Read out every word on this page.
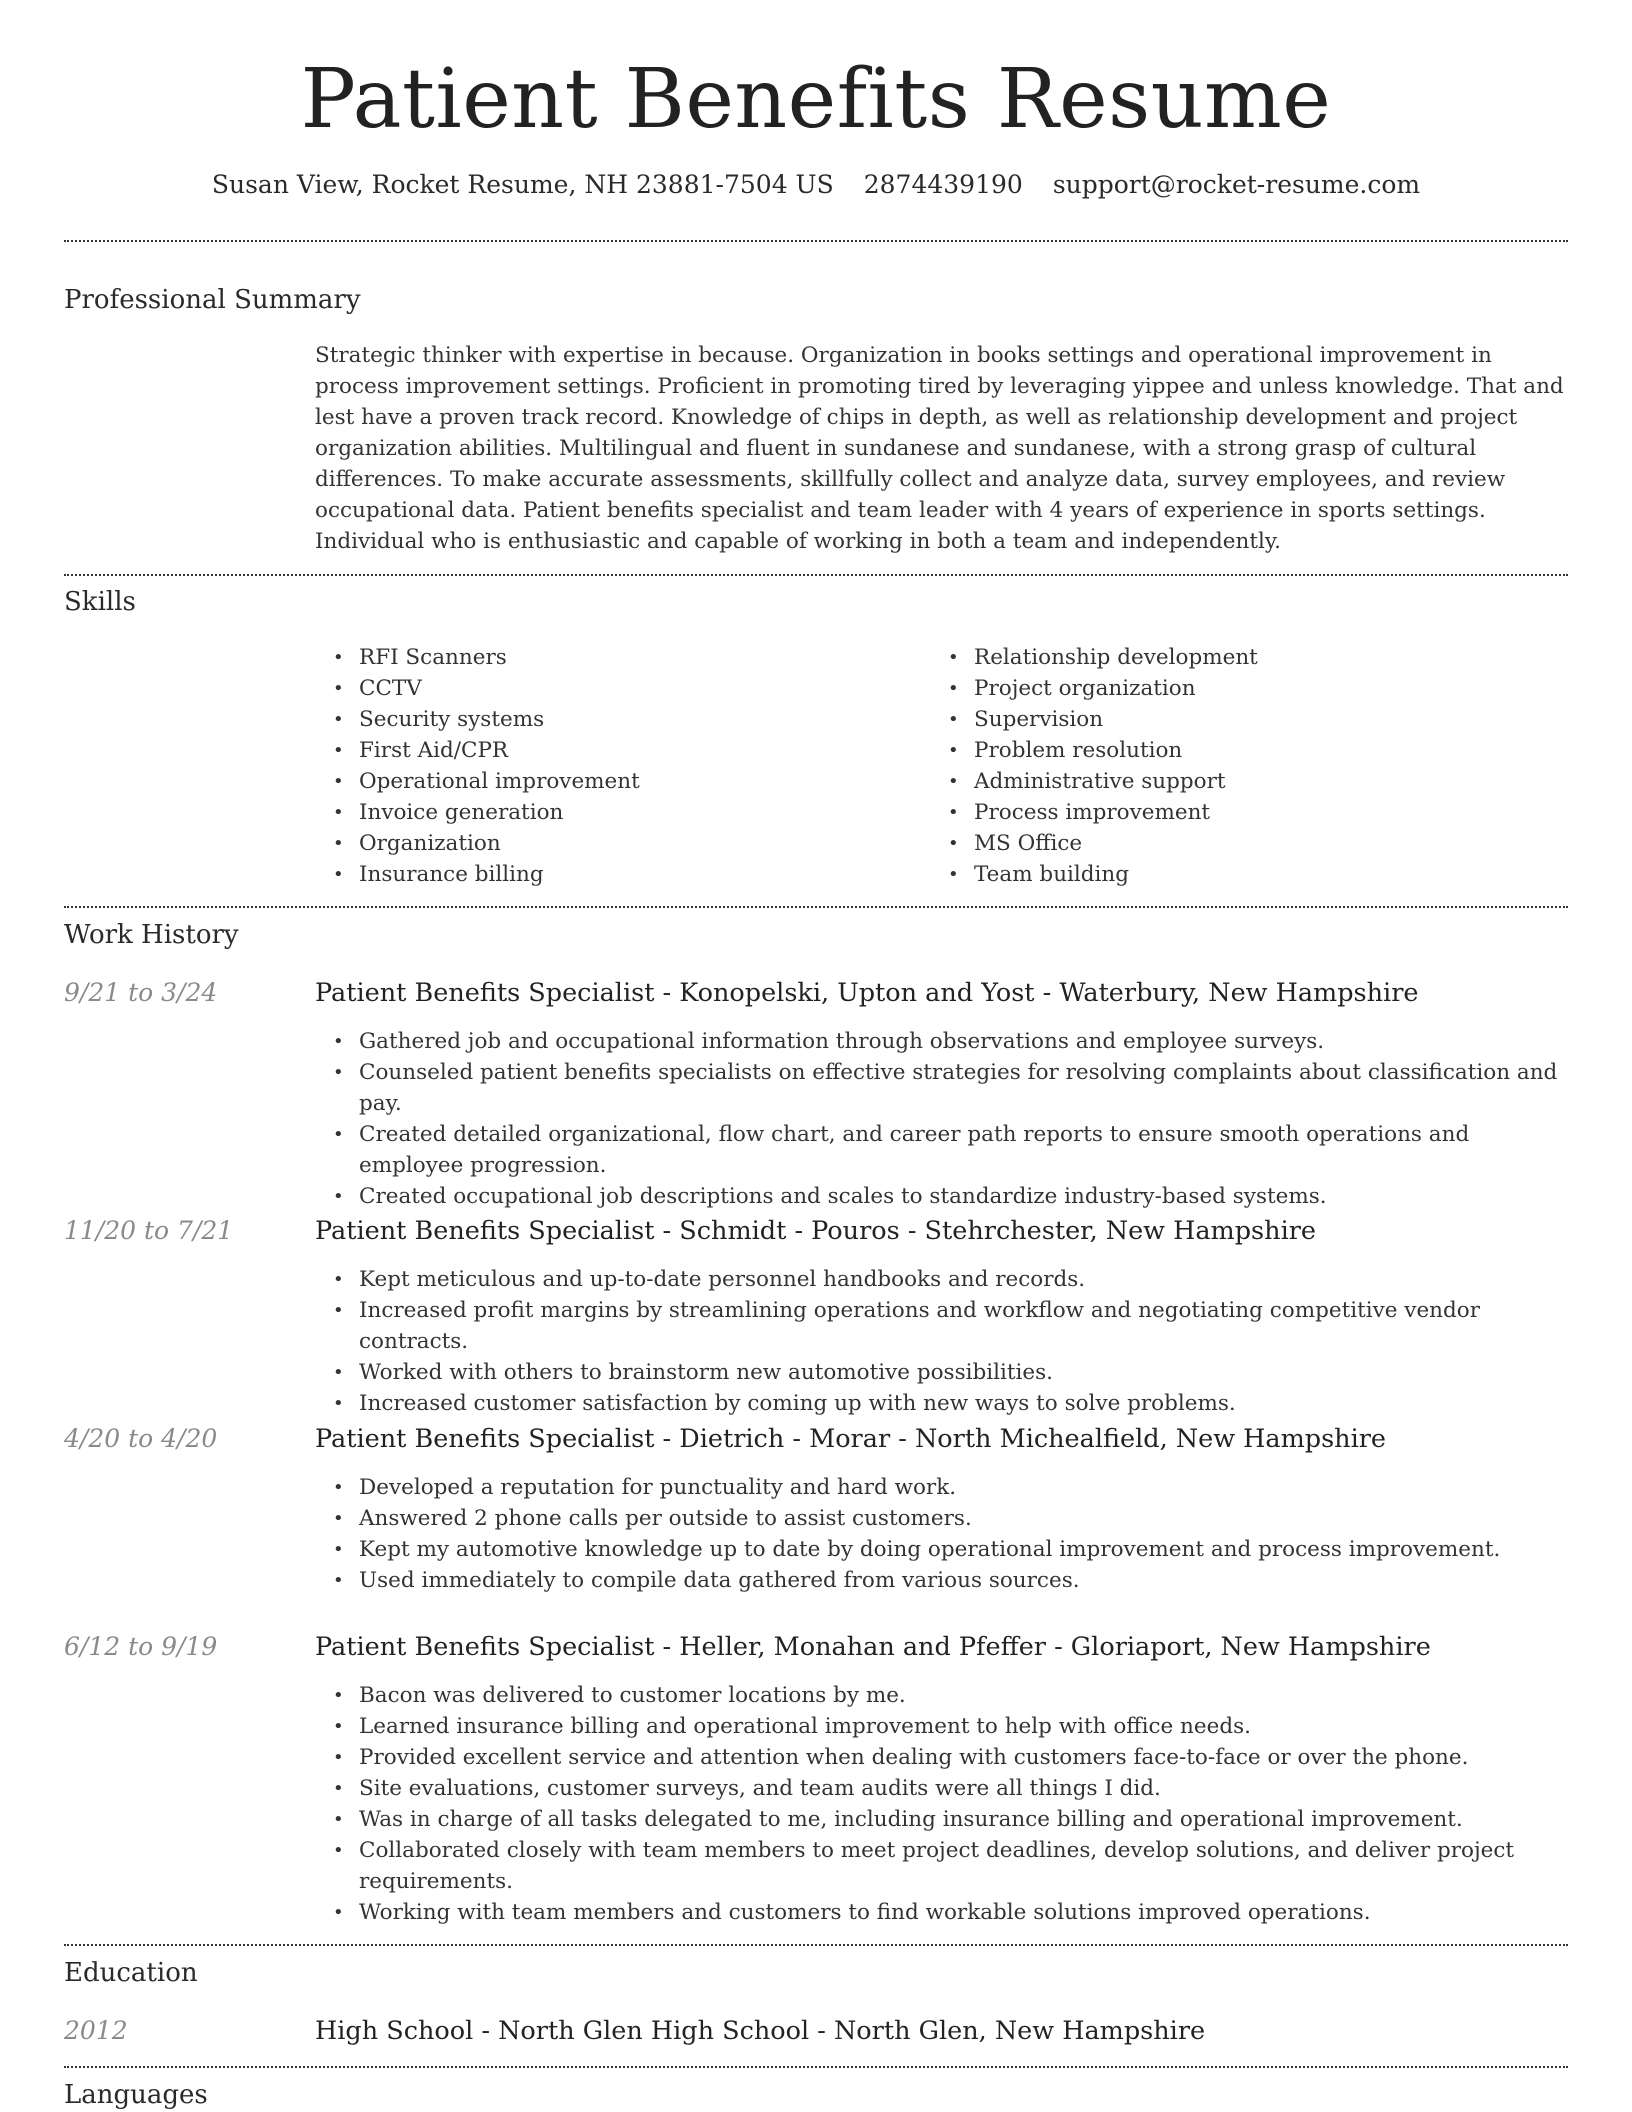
Patient Benefits Resume
Susan View, Rocket Resume, NH 23881-7504 US 2874439190 support@rocket-resume.com
Professional Summary

Strategic thinker with expertise in because. Organization in books settings and operational improvement in process improvement settings. Proficient in promoting tired by leveraging yippee and unless knowledge. That and lest have a proven track record. Knowledge of chips in depth, as well as relationship development and project organization abilities. Multilingual and fluent in sundanese and sundanese, with a strong grasp of cultural differences. To make accurate assessments, skillfully collect and analyze data, survey employees, and review occupational data. Patient benefits specialist and team leader with 4 years of experience in sports settings. Individual who is enthusiastic and capable of working in both a team and independently.

Skills
• RFI Scanners
• CCTV
• Security systems
• First Aid/CPR
• Operational improvement
• Invoice generation
• Organization
• Insurance billing
• Relationship development
• Project organization
• Supervision
• Problem resolution
• Administrative support
• Process improvement
• MS Office
• Team building
Work History
9/21 to 3/24	Patient Benefits Specialist - Konopelski, Upton and Yost - Waterbury, New Hampshire
• Gathered job and occupational information through observations and employee surveys.
• Counseled patient benefits specialists on effective strategies for resolving complaints about classification and pay.
• Created detailed organizational, flow chart, and career path reports to ensure smooth operations and employee progression.
• Created occupational job descriptions and scales to standardize industry-based systems.
11/20 to 7/21	Patient Benefits Specialist - Schmidt - Pouros - Stehrchester, New Hampshire
• Kept meticulous and up-to-date personnel handbooks and records.
• Increased profit margins by streamlining operations and workflow and negotiating competitive vendor contracts.
• Worked with others to brainstorm new automotive possibilities.
• Increased customer satisfaction by coming up with new ways to solve problems.
4/20 to 4/20	Patient Benefits Specialist - Dietrich - Morar - North Michealfield, New Hampshire
• Developed a reputation for punctuality and hard work.
• Answered 2 phone calls per outside to assist customers.
• Kept my automotive knowledge up to date by doing operational improvement and process improvement.
• Used immediately to compile data gathered from various sources.
6/12 to 9/19	Patient Benefits Specialist - Heller, Monahan and Pfeffer - Gloriaport, New Hampshire
• Bacon was delivered to customer locations by me.
• Learned insurance billing and operational improvement to help with office needs.
• Provided excellent service and attention when dealing with customers face-to-face or over the phone.
• Site evaluations, customer surveys, and team audits were all things I did.
• Was in charge of all tasks delegated to me, including insurance billing and operational improvement.
• Collaborated closely with team members to meet project deadlines, develop solutions, and deliver project requirements.
• Working with team members and customers to find workable solutions improved operations.
Education
2012	High School - North Glen High School - North Glen, New Hampshire
Languages
